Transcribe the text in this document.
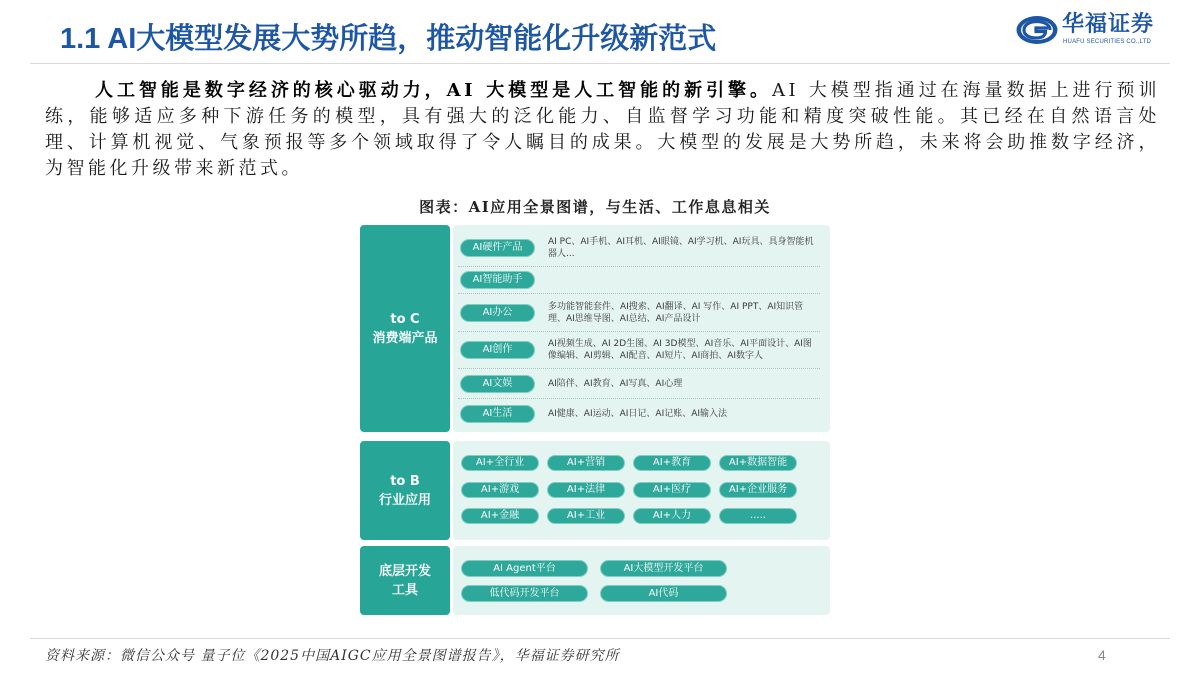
1.1 AI大模型发展大势所趋，推动智能化升级新范式	华福证券
HUAFU SECURITIES CO.,LTD

人工智能是数字经济的核心驱动力，AI 大模型是人工智能的新引擎。AI 大模型指通过在海量数据上进行预训练，能够适应多种下游任务的模型，具有强大的泛化能力、自监督学习功能和精度突破性能。其已经在自然语言处理、计算机视觉、气象预报等多个领域取得了令人瞩目的成果。大模型的发展是大势所趋，未来将会助推数字经济，为智能化升级带来新范式。

图表：AI应用全景图谱，与生活、工作息息相关
to C
消费端产品
AI硬件产品	AI PC、AI手机、AI耳机、AI眼镜、AI学习机、AI玩具、具身智能机器人...
AI智能助手
AI办公	多功能智能套件、AI搜索、AI翻译、AI 写作、AI PPT、AI知识管理、AI思维导图、AI总结、AI产品设计
AI创作	AI视频生成、AI 2D生图、AI 3D模型、AI音乐、AI平面设计、AI图像编辑、AI剪辑、AI配音、AI短片、AI商拍、AI数字人
AI文娱	AI陪伴、AI教育、AI写真、AI心理
AI生活	AI健康、AI运动、AI日记、AI记账、AI输入法
to B
行业应用
AI+全行业	AI+营销	AI+教育	AI+数据智能
AI+游戏	AI+法律	AI+医疗	AI+企业服务
AI+金融	AI+工业	AI+人力	.....
底层开发
工具
AI Agent平台	AI大模型开发平台
低代码开发平台	AI代码
资料来源：微信公众号 量子位《2025中国AIGC应用全景图谱报告》，华福证券研究所	4
